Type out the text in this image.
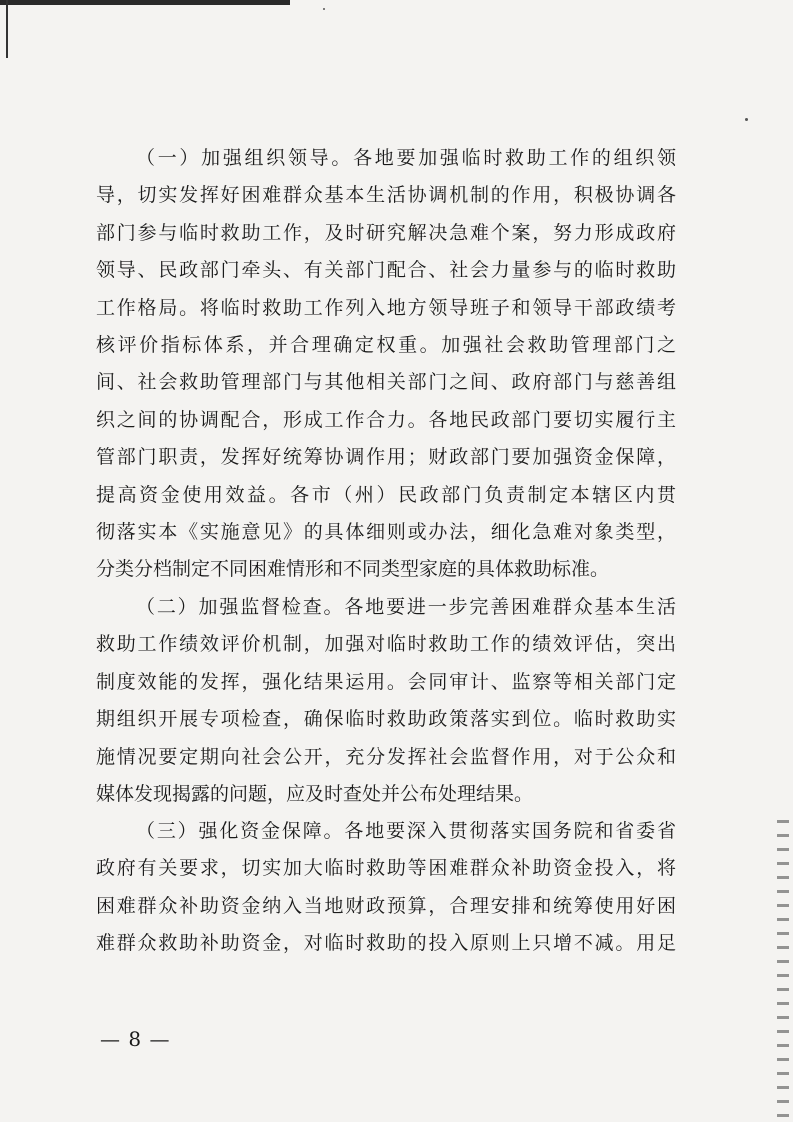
（一）加强组织领导。各地要加强临时救助工作的组织领
导，切实发挥好困难群众基本生活协调机制的作用，积极协调各
部门参与临时救助工作，及时研究解决急难个案，努力形成政府
领导、民政部门牵头、有关部门配合、社会力量参与的临时救助
工作格局。将临时救助工作列入地方领导班子和领导干部政绩考
核评价指标体系，并合理确定权重。加强社会救助管理部门之
间、社会救助管理部门与其他相关部门之间、政府部门与慈善组
织之间的协调配合，形成工作合力。各地民政部门要切实履行主
管部门职责，发挥好统筹协调作用；财政部门要加强资金保障，
提高资金使用效益。各市（州）民政部门负责制定本辖区内贯
彻落实本《实施意见》的具体细则或办法，细化急难对象类型，
分类分档制定不同困难情形和不同类型家庭的具体救助标准。
（二）加强监督检查。各地要进一步完善困难群众基本生活
救助工作绩效评价机制，加强对临时救助工作的绩效评估，突出
制度效能的发挥，强化结果运用。会同审计、监察等相关部门定
期组织开展专项检查，确保临时救助政策落实到位。临时救助实
施情况要定期向社会公开，充分发挥社会监督作用，对于公众和
媒体发现揭露的问题，应及时查处并公布处理结果。
（三）强化资金保障。各地要深入贯彻落实国务院和省委省
政府有关要求，切实加大临时救助等困难群众补助资金投入，将
困难群众补助资金纳入当地财政预算，合理安排和统筹使用好困
难群众救助补助资金，对临时救助的投入原则上只增不减。用足
— 8 —
